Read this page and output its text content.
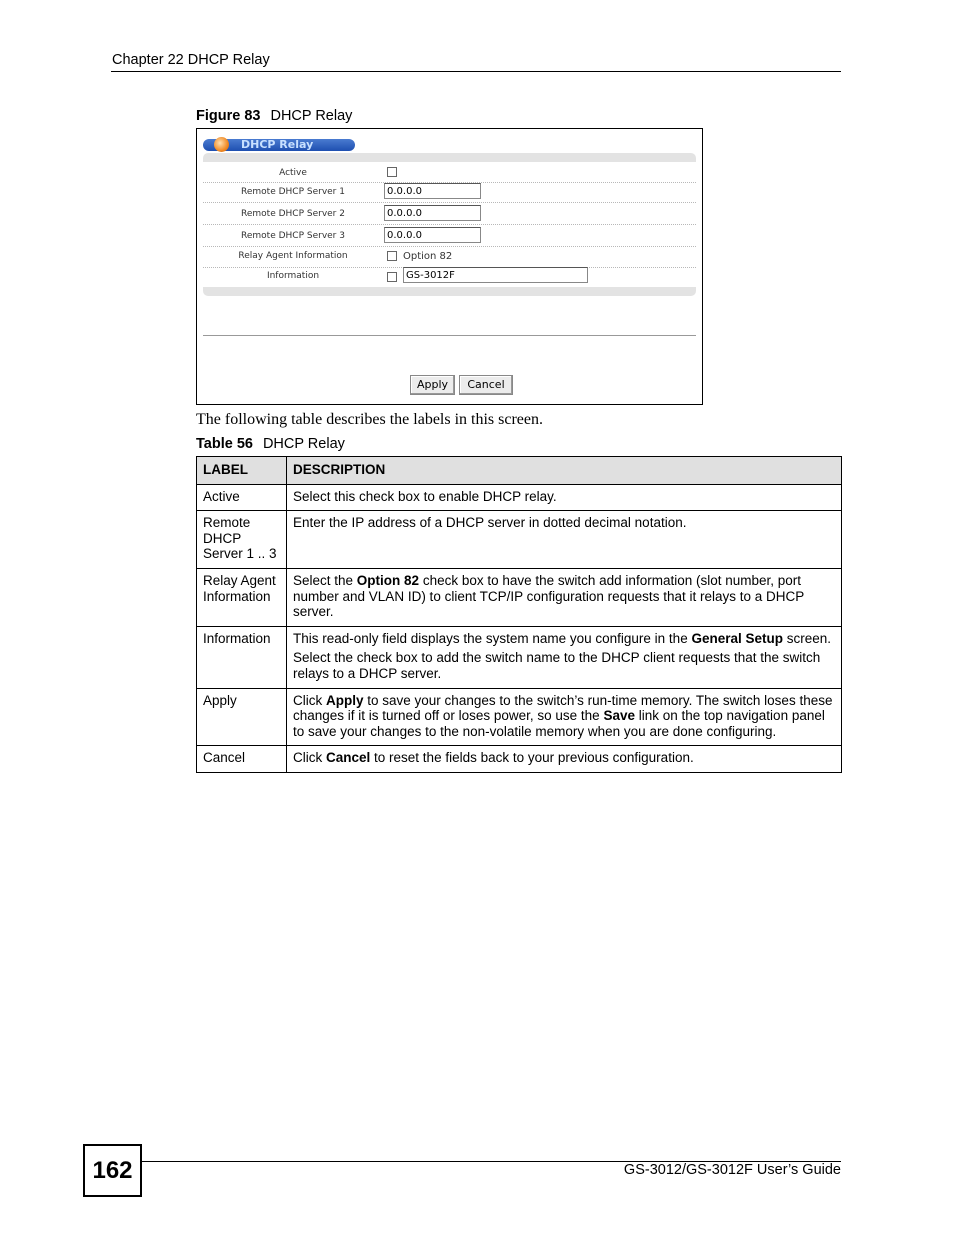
Chapter 22 DHCP Relay
Figure 83 DHCP Relay
DHCP Relay
Active
Remote DHCP Server 1	0.0.0.0
Remote DHCP Server 2	0.0.0.0
Remote DHCP Server 3	0.0.0.0
Relay Agent Information	Option 82
Information	GS-3012F
Apply	Cancel
The following table describes the labels in this screen.
Table 56 DHCP Relay
LABEL	DESCRIPTION
Active	Select this check box to enable DHCP relay.
Remote DHCP Server 1 .. 3	Enter the IP address of a DHCP server in dotted decimal notation.
Relay Agent Information	Select the Option 82 check box to have the switch add information (slot number, port number and VLAN ID) to client TCP/IP configuration requests that it relays to a DHCP server.
Information	This read-only field displays the system name you configure in the General Setup screen.

Select the check box to add the switch name to the DHCP client requests that the switch relays to a DHCP server.

Apply	Click Apply to save your changes to the switch’s run-time memory. The switch loses these changes if it is turned off or loses power, so use the Save link on the top navigation panel to save your changes to the non-volatile memory when you are done configuring.
Cancel	Click Cancel to reset the fields back to your previous configuration.
162	GS-3012/GS-3012F User’s Guide
